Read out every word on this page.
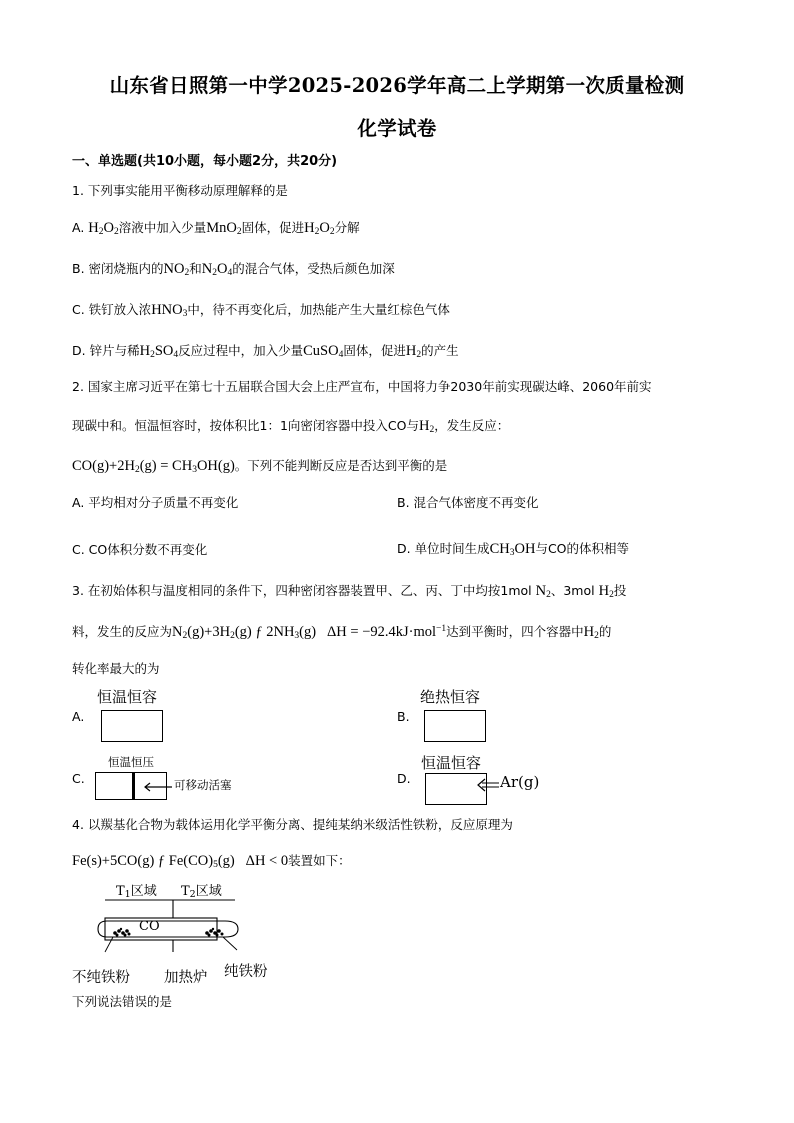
山东省日照第一中学2025-2026学年高二上学期第一次质量检测
化学试卷
一、单选题(共10小题，每小题2分，共20分)
1. 下列事实能用平衡移动原理解释的是
A. $H_2O_2$溶液中加入少量MnO$_2$固体，促进$H_2O_2$分解
B. 密闭烧瓶内的$NO_2$和$N_2O_4$的混合气体，受热后颜色加深
C. 铁钉放入浓$HNO_3$中，待不再变化后，加热能产生大量红棕色气体
D. 锌片与稀$H_2SO_4$反应过程中，加入少量CuSO$_4$固体，促进$H_2$的产生
2. 国家主席习近平在第七十五届联合国大会上庄严宣布，中国将力争2030年前实现碳达峰、2060年前实
现碳中和。恒温恒容时，按体积比1：1向密闭容器中投入CO与$H_2$，发生反应：
$CO(g)+2H_2(g) = CH_3OH(g)$。下列不能判断反应是否达到平衡的是
A. 平均相对分子质量不再变化	B. 混合气体密度不再变化
C. CO体积分数不再变化	D. 单位时间生成$CH_3OH$与CO的体积相等
3. 在初始体积与温度相同的条件下，四种密闭容器装置甲、乙、丙、丁中均按1mol $N_2$、3mol $H_2$投
料，发生的反应为$N_2(g)+3H_2(g)$ ƒ $2NH_3(g) \Delta H = -92.4kJ\cdot mol^{-1}$达到平衡时，四个容器中$H_2$的
转化率最大的为
恒温恒容
A.
绝热恒容
B.
恒温恒压
C.	可移动活塞
恒温恒容
D.	Ar(g)
4. 以羰基化合物为载体运用化学平衡分离、提纯某纳米级活性铁粉，反应原理为
Fe(s)+5CO(g) ƒ $Fe(CO)_5(g) \Delta H < 0$装置如下：
$T_1$区域 $T_2$区域
CO
不纯铁粉 加热炉 纯铁粉
下列说法错误的是
